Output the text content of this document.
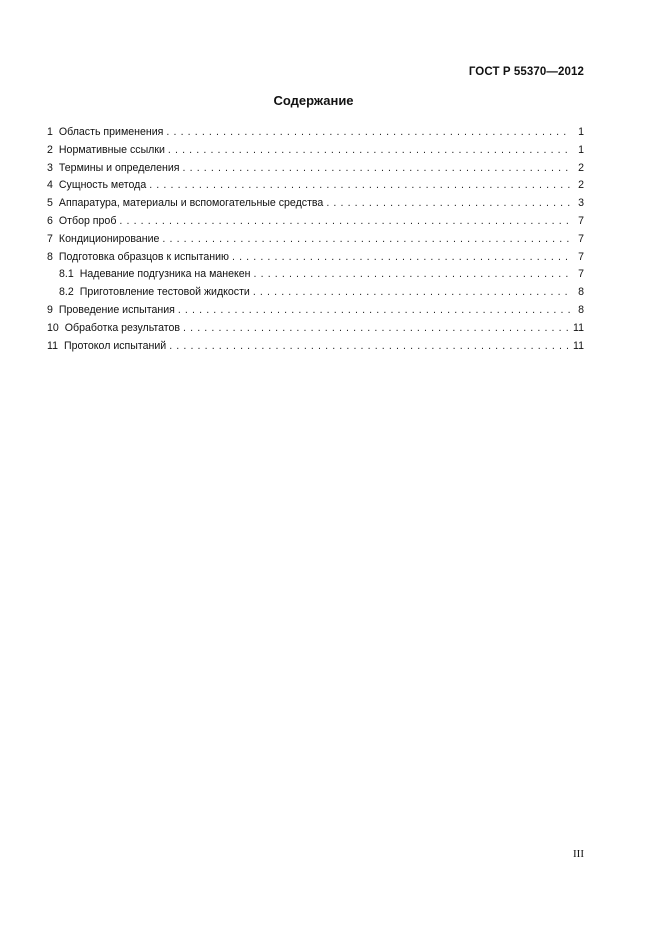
ГОСТ Р 55370—2012
Содержание
1 Область применения . . .	1
2 Нормативные ссылки . . .	1
3 Термины и определения . . .	2
4 Сущность метода . . .	2
5 Аппаратура, материалы и вспомогательные средства . . .	3
6 Отбор проб . . .	7
7 Кондиционирование . . .	7
8 Подготовка образцов к испытанию . . .	7
8.1 Надевание подгузника на манекен . . .	7
8.2 Приготовление тестовой жидкости . . .	8
9 Проведение испытания . . .	8
10 Обработка результатов . . .	11
11 Протокол испытаний . . .	11
III
